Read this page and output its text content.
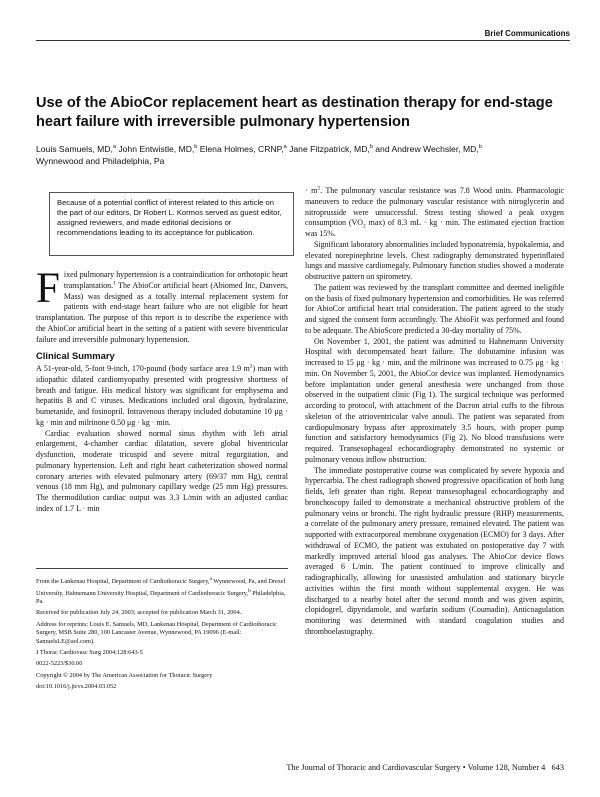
Brief Communications
Use of the AbioCor replacement heart as destination therapy for end-stage heart failure with irreversible pulmonary hypertension
Louis Samuels, MD,$^a$ John Entwistle, MD,$^b$ Elena Holmes, CRNP,$^a$ Jane Fitzpatrick, MD,$^b$ and Andrew Wechsler, MD,$^b$
Wynnewood and Philadelphia, Pa
Because of a potential conflict of interest related to this article on the part of our editors, Dr Robert L. Kormos served as guest editor, assigned reviewers, and made editorial decisions or recommendations leading to its acceptance for publication.

Fixed pulmonary hypertension is a contraindication for orthotopic heart transplantation.$^1$ The AbioCor artificial heart (Abiomed Inc, Danvers, Mass) was designed as a totally internal replacement system for patients with end-stage heart failure who are not eligible for heart transplantation. The purpose of this report is to describe the experience with the AbioCor artificial heart in the setting of a patient with severe biventricular failure and irreversible pulmonary hypertension.

Clinical Summary

A 51-year-old, 5-foot 9-inch, 170-pound (body surface area 1.9 $m^2$) man with idiopathic dilated cardiomyopathy presented with progressive shortness of breath and fatigue. His medical history was significant for emphysema and hepatitis B and C viruses. Medications included oral digoxin, hydralazine, bumetanide, and fosinopril. Intravenous therapy included dobutamine 10 μg · kg · min and milrinone 0.50 μg · kg · min.

Cardiac evaluation showed normal sinus rhythm with left atrial enlargement, 4-chamber cardiac dilatation, severe global biventricular dysfunction, moderate tricuspid and severe mitral regurgitation, and pulmonary hypertension. Left and right heart catheterization showed normal coronary arteries with elevated pulmonary artery (69/37 mm Hg), central venous (18 mm Hg), and pulmonary capillary wedge (25 mm Hg) pressures. The thermodilution cardiac output was 3.3 L/min with an adjusted cardiac index of 1.7 L · min

From the Lankenau Hospital, Department of Cardiothoracic Surgery,$^a$ Wynnewood, Pa, and Drexel University, Hahnemann University Hospital, Department of Cardiothoracic Surgery,$^b$ Philadelphia, Pa.

Received for publication July 24, 2003; accepted for publication March 31, 2004.

Address for reprints: Louis E. Samuels, MD, Lankenau Hospital, Department of Cardiothoracic Surgery, MSB Suite 280, 100 Lancaster Avenue, Wynnewood, PA 19096 (E-mail: SamuelsLE@aol.com).

J Thorac Cardiovasc Surg 2004;128:643-5

0022-5223/$30.00

Copyright © 2004 by The American Association for Thoracic Surgery

doi:10.1016/j.jtcvs.2004.03.052

· $m^2$. The pulmonary vascular resistance was 7.8 Wood units. Pharmacologic maneuvers to reduce the pulmonary vascular resistance with nitroglycerin and nitroprusside were unsuccessful. Stress testing showed a peak oxygen consumption ($VO_2$ max) of 8.3 mL · kg · min. The estimated ejection fraction was 15%.

Significant laboratory abnormalities included hyponatremia, hypokalemia, and elevated norepinephrine levels. Chest radiography demonstrated hyperinflated lungs and massive cardiomegaly. Pulmonary function studies showed a moderate obstructive pattern on spirometry.

The patient was reviewed by the transplant committee and deemed ineligible on the basis of fixed pulmonary hypertension and comorbidities. He was referred for AbioCor artificial heart trial consideration. The patient agreed to the study and signed the consent form accordingly. The AbioFit was performed and found to be adequate. The AbioScore predicted a 30-day mortality of 75%.

On November 1, 2001, the patient was admitted to Hahnemann University Hospital with decompensated heart failure. The dobutamine infusion was increased to 15 μg · kg · min, and the milrinone was increased to 0.75 μg · kg · min. On November 5, 2001, the AbioCor device was implanted. Hemodynamics before implantation under general anesthesia were unchanged from those observed in the outpatient clinic (Fig 1). The surgical technique was performed according to protocol, with attachment of the Dacron atrial cuffs to the fibrous skeleton of the atrioventricular valve annuli. The patient was separated from cardiopulmonary bypass after approximately 3.5 hours, with proper pump function and satisfactory hemodynamics (Fig 2). No blood transfusions were required. Transesophageal echocardiography demonstrated no systemic or pulmonary venous inflow obstruction.

The immediate postoperative course was complicated by severe hypoxia and hypercarbia. The chest radiograph showed progressive opacification of both lung fields, left greater than right. Repeat transesophageal echocardiography and bronchoscopy failed to demonstrate a mechanical obstructive problem of the pulmonary veins or bronchi. The right hydraulic pressure (RHP) measurements, a correlate of the pulmonary artery pressure, remained elevated. The patient was supported with extracorporeal membrane oxygenation (ECMO) for 3 days. After withdrawal of ECMO, the patient was extubated on postoperative day 7 with markedly improved arterial blood gas analyses. The AbioCor device flows averaged 6 L/min. The patient continued to improve clinically and radiographically, allowing for unassisted ambulation and stationary bicycle activities within the first month without supplemental oxygen. He was discharged to a nearby hotel after the second month and was given aspirin, clopidogrel, dipyridamole, and warfarin sodium (Coumadin). Anticoagulation monitoring was determined with standard coagulation studies and thromboelastography.

The Journal of Thoracic and Cardiovascular Surgery • Volume 128, Number 4 643
